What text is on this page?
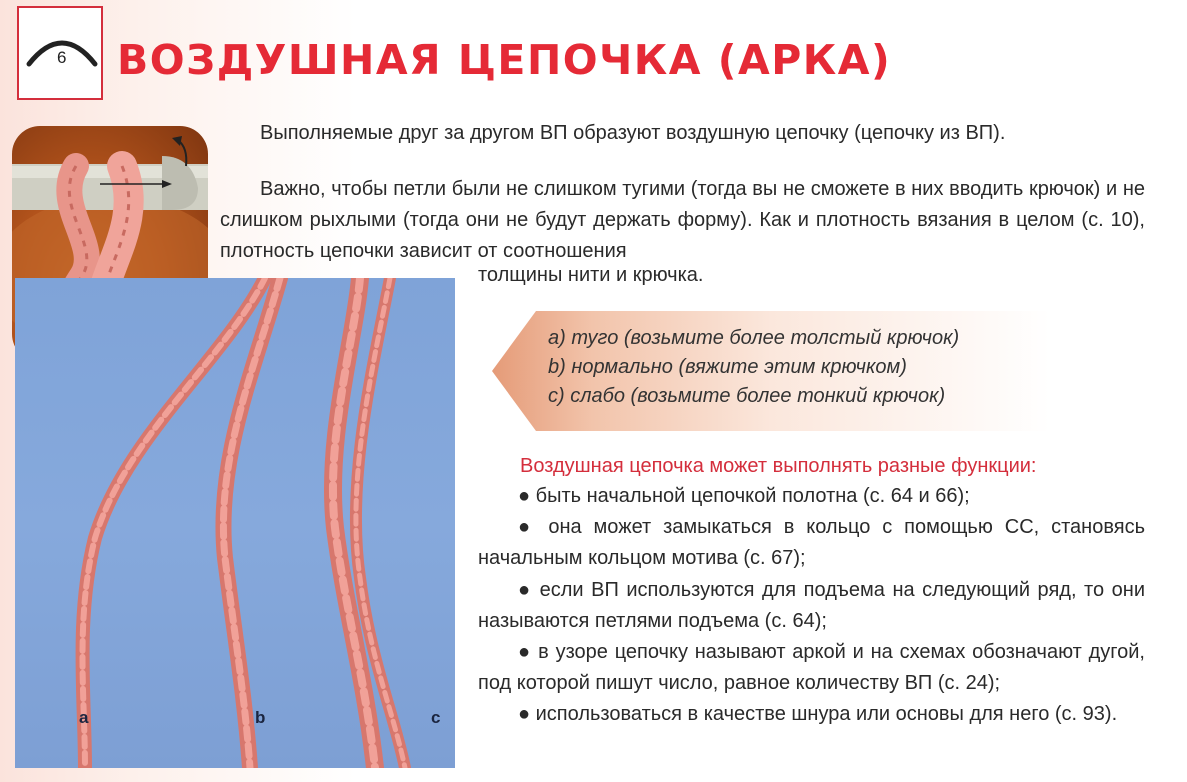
6 ВОЗДУШНАЯ ЦЕПОЧКА (АРКА)
a	b	c
Выполняемые друг за другом ВП образуют воздушную цепочку (цепочку из ВП).
Важно, чтобы петли были не слишком тугими (тогда вы не сможете в них вводить крючок) и не слишком рыхлыми (тогда они не будут держать форму). Как и плотность вязания в целом (с. 10), плотность цепочки зависит от соотношения
толщины нити и крючка.
a) туго (возьмите более толстый крючок)
b) нормально (вяжите этим крючком)
c) слабо (возьмите более тонкий крючок)
Воздушная цепочка может выполнять разные функции:
● быть начальной цепочкой полотна (с. 64 и 66);
● она может замыкаться в кольцо с помощью СС, становясь начальным кольцом мотива (с. 67);
● если ВП используются для подъема на следующий ряд, то они называются петлями подъема (с. 64);
● в узоре цепочку называют аркой и на схемах обозначают дугой, под которой пишут число, равное количеству ВП (с. 24);
● использоваться в качестве шнура или основы для него (с. 93).
